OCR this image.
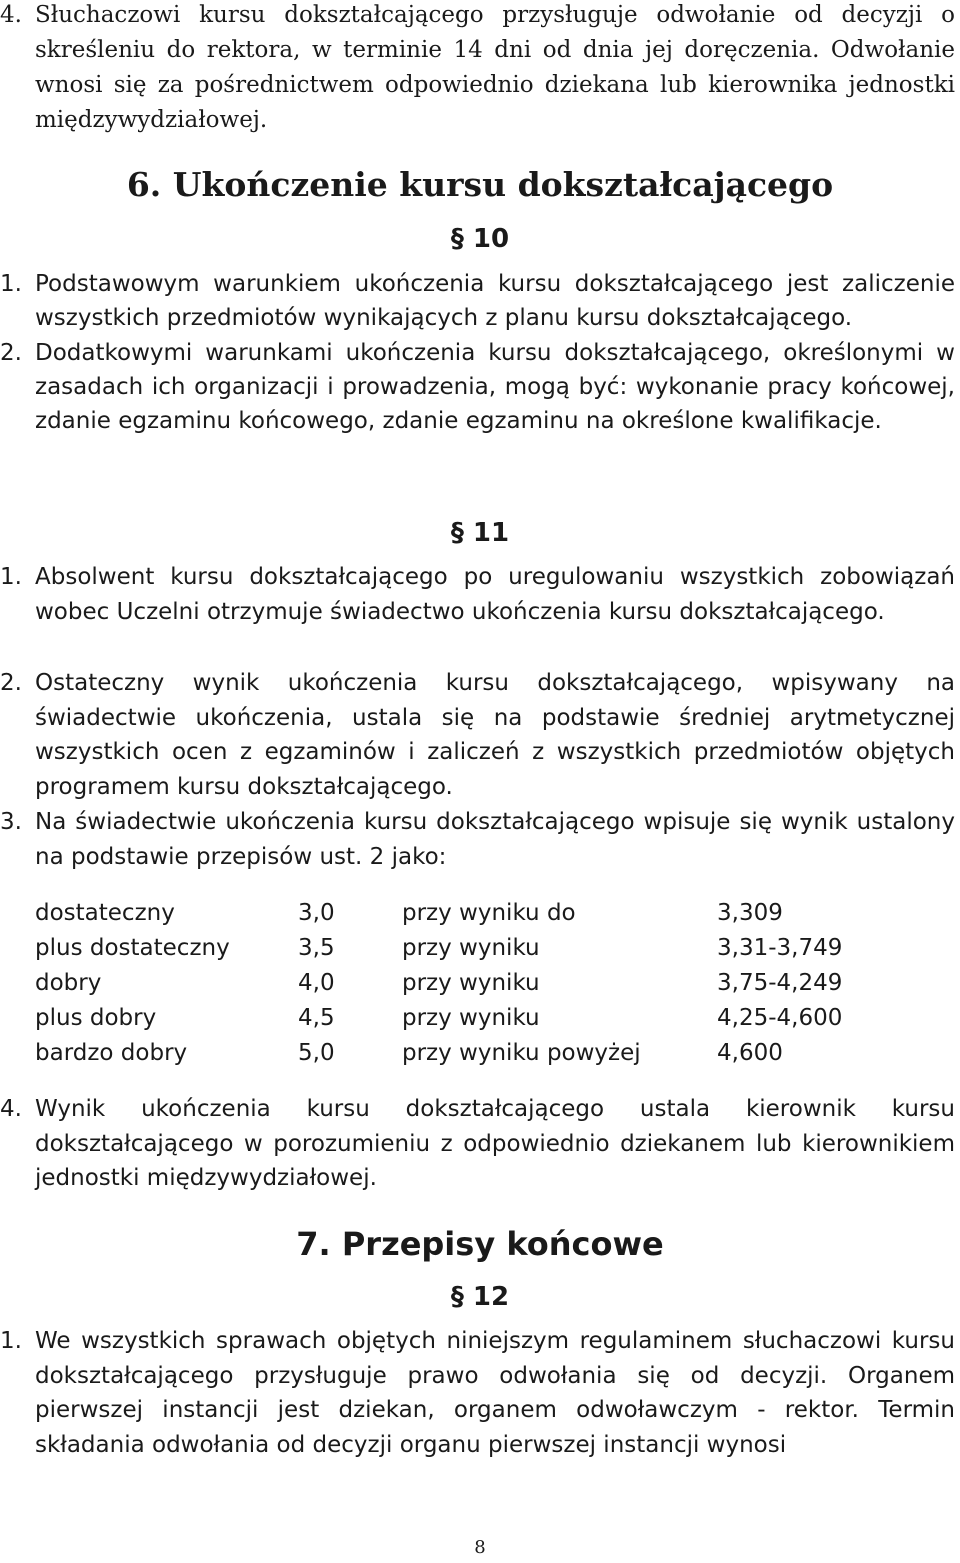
4. Słuchaczowi kursu dokształcającego przysługuje odwołanie od decyzji o skreśleniu do rektora, w terminie 14 dni od dnia jej doręczenia. Odwołanie wnosi się za pośrednictwem odpowiednio dziekana lub kierownika jednostki międzywydziałowej.

6. Ukończenie kursu dokształcającego
§ 10

1. Podstawowym warunkiem ukończenia kursu dokształcającego jest zaliczenie wszystkich przedmiotów wynikających z planu kursu dokształcającego.

2. Dodatkowymi warunkami ukończenia kursu dokształcającego, określonymi w zasadach ich organizacji i prowadzenia, mogą być: wykonanie pracy końcowej, zdanie egzaminu końcowego, zdanie egzaminu na określone kwalifikacje.

§ 11

1. Absolwent kursu dokształcającego po uregulowaniu wszystkich zobowiązań wobec Uczelni otrzymuje świadectwo ukończenia kursu dokształcającego.

2. Ostateczny wynik ukończenia kursu dokształcającego, wpisywany na świadectwie ukończenia, ustala się na podstawie średniej arytmetycznej wszystkich ocen z egzaminów i zaliczeń z wszystkich przedmiotów objętych programem kursu dokształcającego.

3. Na świadectwie ukończenia kursu dokształcającego wpisuje się wynik ustalony na podstawie przepisów ust. 2 jako:

dostateczny	3,0	przy wyniku do	3,309
plus dostateczny	3,5	przy wyniku	3,31-3,749
dobry	4,0	przy wyniku	3,75-4,249
plus dobry	4,5	przy wyniku	4,25-4,600
bardzo dobry	5,0	przy wyniku powyżej	4,600

4. Wynik ukończenia kursu dokształcającego ustala kierownik kursu dokształcającego w porozumieniu z odpowiednio dziekanem lub kierownikiem jednostki międzywydziałowej.

7. Przepisy końcowe
§ 12

1. We wszystkich sprawach objętych niniejszym regulaminem słuchaczowi kursu dokształcającego przysługuje prawo odwołania się od decyzji. Organem pierwszej instancji jest dziekan, organem odwoławczym - rektor. Termin składania odwołania od decyzji organu pierwszej instancji wynosi

8
